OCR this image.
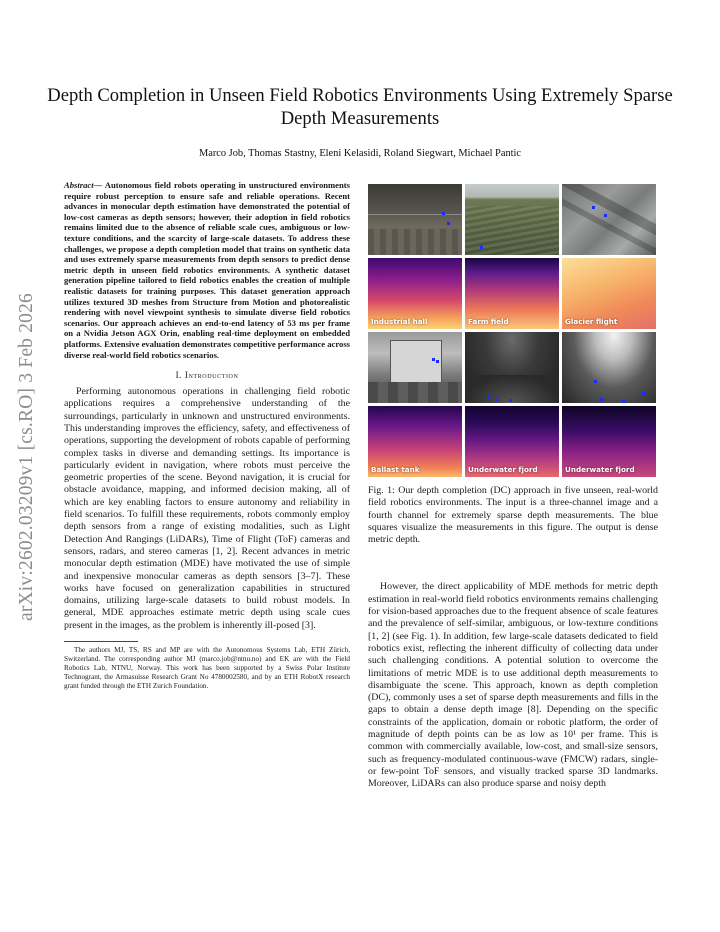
arXiv:2602.03209v1 [cs.RO] 3 Feb 2026
Depth Completion in Unseen Field Robotics Environments Using Extremely Sparse Depth Measurements
Marco Job, Thomas Stastny, Eleni Kelasidi, Roland Siegwart, Michael Pantic

Abstract— Autonomous field robots operating in unstructured environments require robust perception to ensure safe and reliable operations. Recent advances in monocular depth estimation have demonstrated the potential of low-cost cameras as depth sensors; however, their adoption in field robotics remains limited due to the absence of reliable scale cues, ambiguous or low-texture conditions, and the scarcity of large-scale datasets. To address these challenges, we propose a depth completion model that trains on synthetic data and uses extremely sparse measurements from depth sensors to predict dense metric depth in unseen field robotics environments. A synthetic dataset generation pipeline tailored to field robotics enables the creation of multiple realistic datasets for training purposes. This dataset generation approach utilizes textured 3D meshes from Structure from Motion and photorealistic rendering with novel viewpoint synthesis to simulate diverse field robotics scenarios. Our approach achieves an end-to-end latency of 53 ms per frame on a Nvidia Jetson AGX Orin, enabling real-time deployment on embedded platforms. Extensive evaluation demonstrates competitive performance across diverse real-world field robotics scenarios.

I. Introduction

Performing autonomous operations in challenging field robotic applications requires a comprehensive understanding of the surroundings, particularly in unknown and unstructured environments. This understanding improves the efficiency, safety, and effectiveness of operations, supporting the development of robots capable of performing complex tasks in diverse and demanding settings. Its importance is particularly evident in navigation, where robots must perceive the geometric properties of the scene. Beyond navigation, it is crucial for obstacle avoidance, mapping, and informed decision making, all of which are key enabling factors to ensure autonomy and reliability in field scenarios. To fulfill these requirements, robots commonly employ depth sensors from a range of existing modalities, such as Light Detection And Rangings (LiDARs), Time of Flight (ToF) cameras and sensors, radars, and stereo cameras [1, 2]. Recent advances in metric monocular depth estimation (MDE) have motivated the use of simple and inexpensive monocular cameras as depth sensors [3–7]. These works have focused on generalization capabilities in structured domains, utilizing large-scale datasets to build robust models. In general, MDE approaches estimate metric depth using scale cues present in the images, as the problem is inherently ill-posed [3].

The authors MJ, TS, RS and MP are with the Autonomous Systems Lab, ETH Zürich, Switzerland. The corresponding author MJ (marco.job@ntnu.no) and EK are with the Field Robotics Lab, NTNU, Norway. This work has been supported by a Swiss Polar Institute Technogrant, the Armasuisse Research Grant No 4780002580, and by an ETH RobotX research grant funded through the ETH Zurich Foundation.

Industrial hall	Farm field	Glacier flight
Ballast tank	Underwater fjord	Underwater fjord

Fig. 1: Our depth completion (DC) approach in five unseen, real-world field robotics environments. The input is a three-channel image and a fourth channel for extremely sparse depth measurements. The blue squares visualize the measurements in this figure. The output is dense metric depth.

However, the direct applicability of MDE methods for metric depth estimation in real-world field robotics environments remains challenging for vision-based approaches due to the frequent absence of scale features and the prevalence of self-similar, ambiguous, or low-texture conditions [1, 2] (see Fig. 1). In addition, few large-scale datasets dedicated to field robotics exist, reflecting the inherent difficulty of collecting data under such challenging conditions. A potential solution to overcome the limitations of metric MDE is to use additional depth measurements to disambiguate the scene. This approach, known as depth completion (DC), commonly uses a set of sparse depth measurements and fills in the gaps to obtain a dense depth image [8]. Depending on the specific constraints of the application, domain or robotic platform, the order of magnitude of depth points can be as low as 10¹ per frame. This is common with commercially available, low-cost, and small-size sensors, such as frequency-modulated continuous-wave (FMCW) radars, single- or few-point ToF sensors, and visually tracked sparse 3D landmarks. Moreover, LiDARs can also produce sparse and noisy depth
